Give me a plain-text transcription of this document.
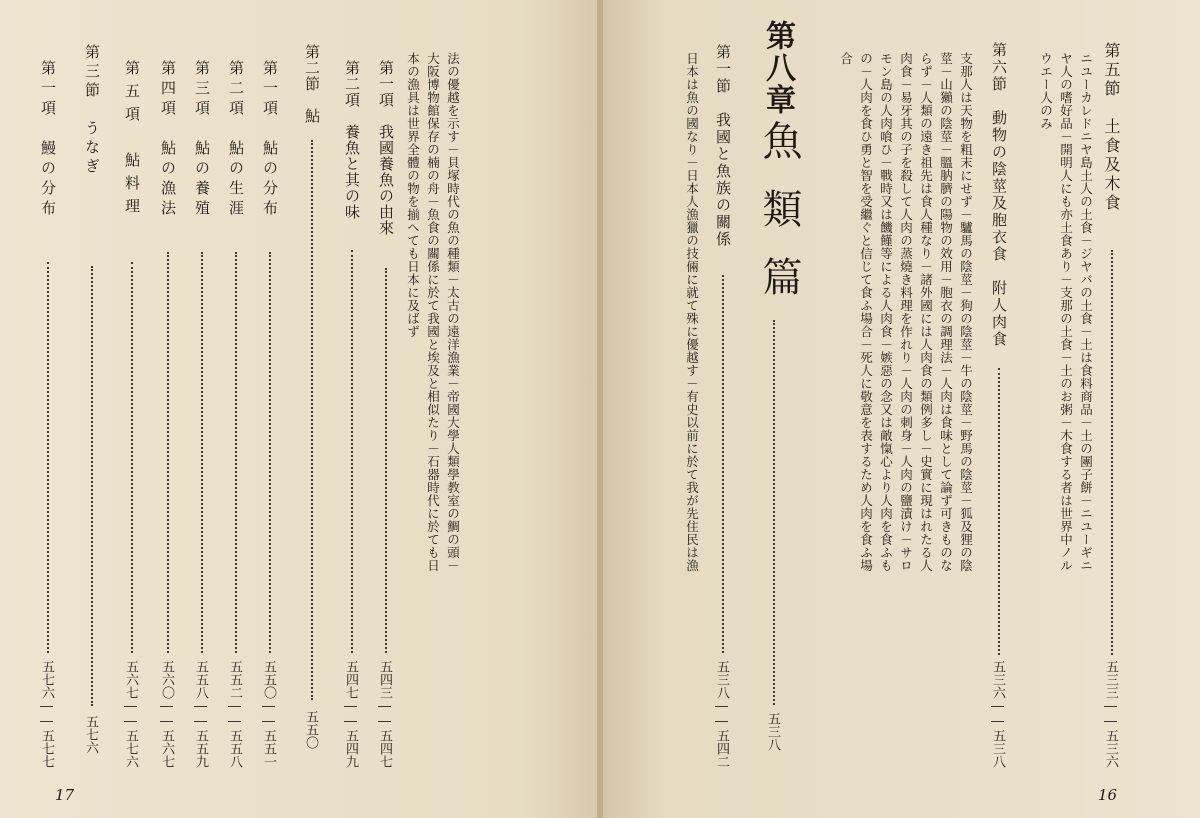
法の優越を示す－貝塚時代の魚の種類－太古の遠洋漁業－帝國大學人類學教室の鯛の頭－
大阪博物館保存の楠の舟－魚食の關係に於て我國と埃及と相似たり－石器時代に於ても日
本の漁具は世界全體の物を揃へても日本に及ばず
第一項　我國養魚の由來
五四三――五四七
第二項　養魚と其の味
五四七――五四九
第二節　鮎
五五〇
第一項　鮎の分布
五五〇――五五一
第二項　鮎の生涯
五五二――五五八
第三項　鮎の養殖
五五八――五五九
第四項　鮎の漁法
五六〇――五六七
第五項　鮎料理
五六七――五七六
第三節　うなぎ
五七六
第一項　鰻の分布
五七六――五七七
17
第五節　土食及木食
五三三――五三六
ニユーカレドニヤ島土人の土食－ジヤバの土食－土は食料商品－土の團子餅－ニユーギニ
ヤ人の嗜好品－開明人にも亦土食あり－支那の土食－土のお粥－木食する者は世界中ノル
ウエー人のみ
第六節　動物の陰莖及胞衣食　附人肉食
五三六――五三八
支那人は天物を粗末にせず－驢馬の陰莖－狗の陰莖－牛の陰莖－野馬の陰莖－狐及狸の陰
莖－山獺の陰莖－膃肭臍の陽物の效用－胞衣の調理法－人肉は食味として論ず可きものな
らず－人類の遠き祖先は食人種なり－諸外國には人肉食の類例多し－史實に現はれたる人
肉食－易牙其の子を殺して人肉の蒸燒き料理を作れり－人肉の刺身－人肉の鹽漬け－サロ
モン島の人肉喰ひ－戰時又は饑饉等による人肉食－嫉惡の念又は敵愾心より人肉を食ふも
の－人肉を食ひ勇と智を受繼ぐと信じて食ふ場合－死人に敬意を表するため人肉を食ふ場
合
第八章
魚類篇
五三八
第一節　我國と魚族の關係
五三八――五四二
日本は魚の國なり－日本人漁獵の技倆に就て殊に優越す－有史以前に於て我が先住民は漁
16
